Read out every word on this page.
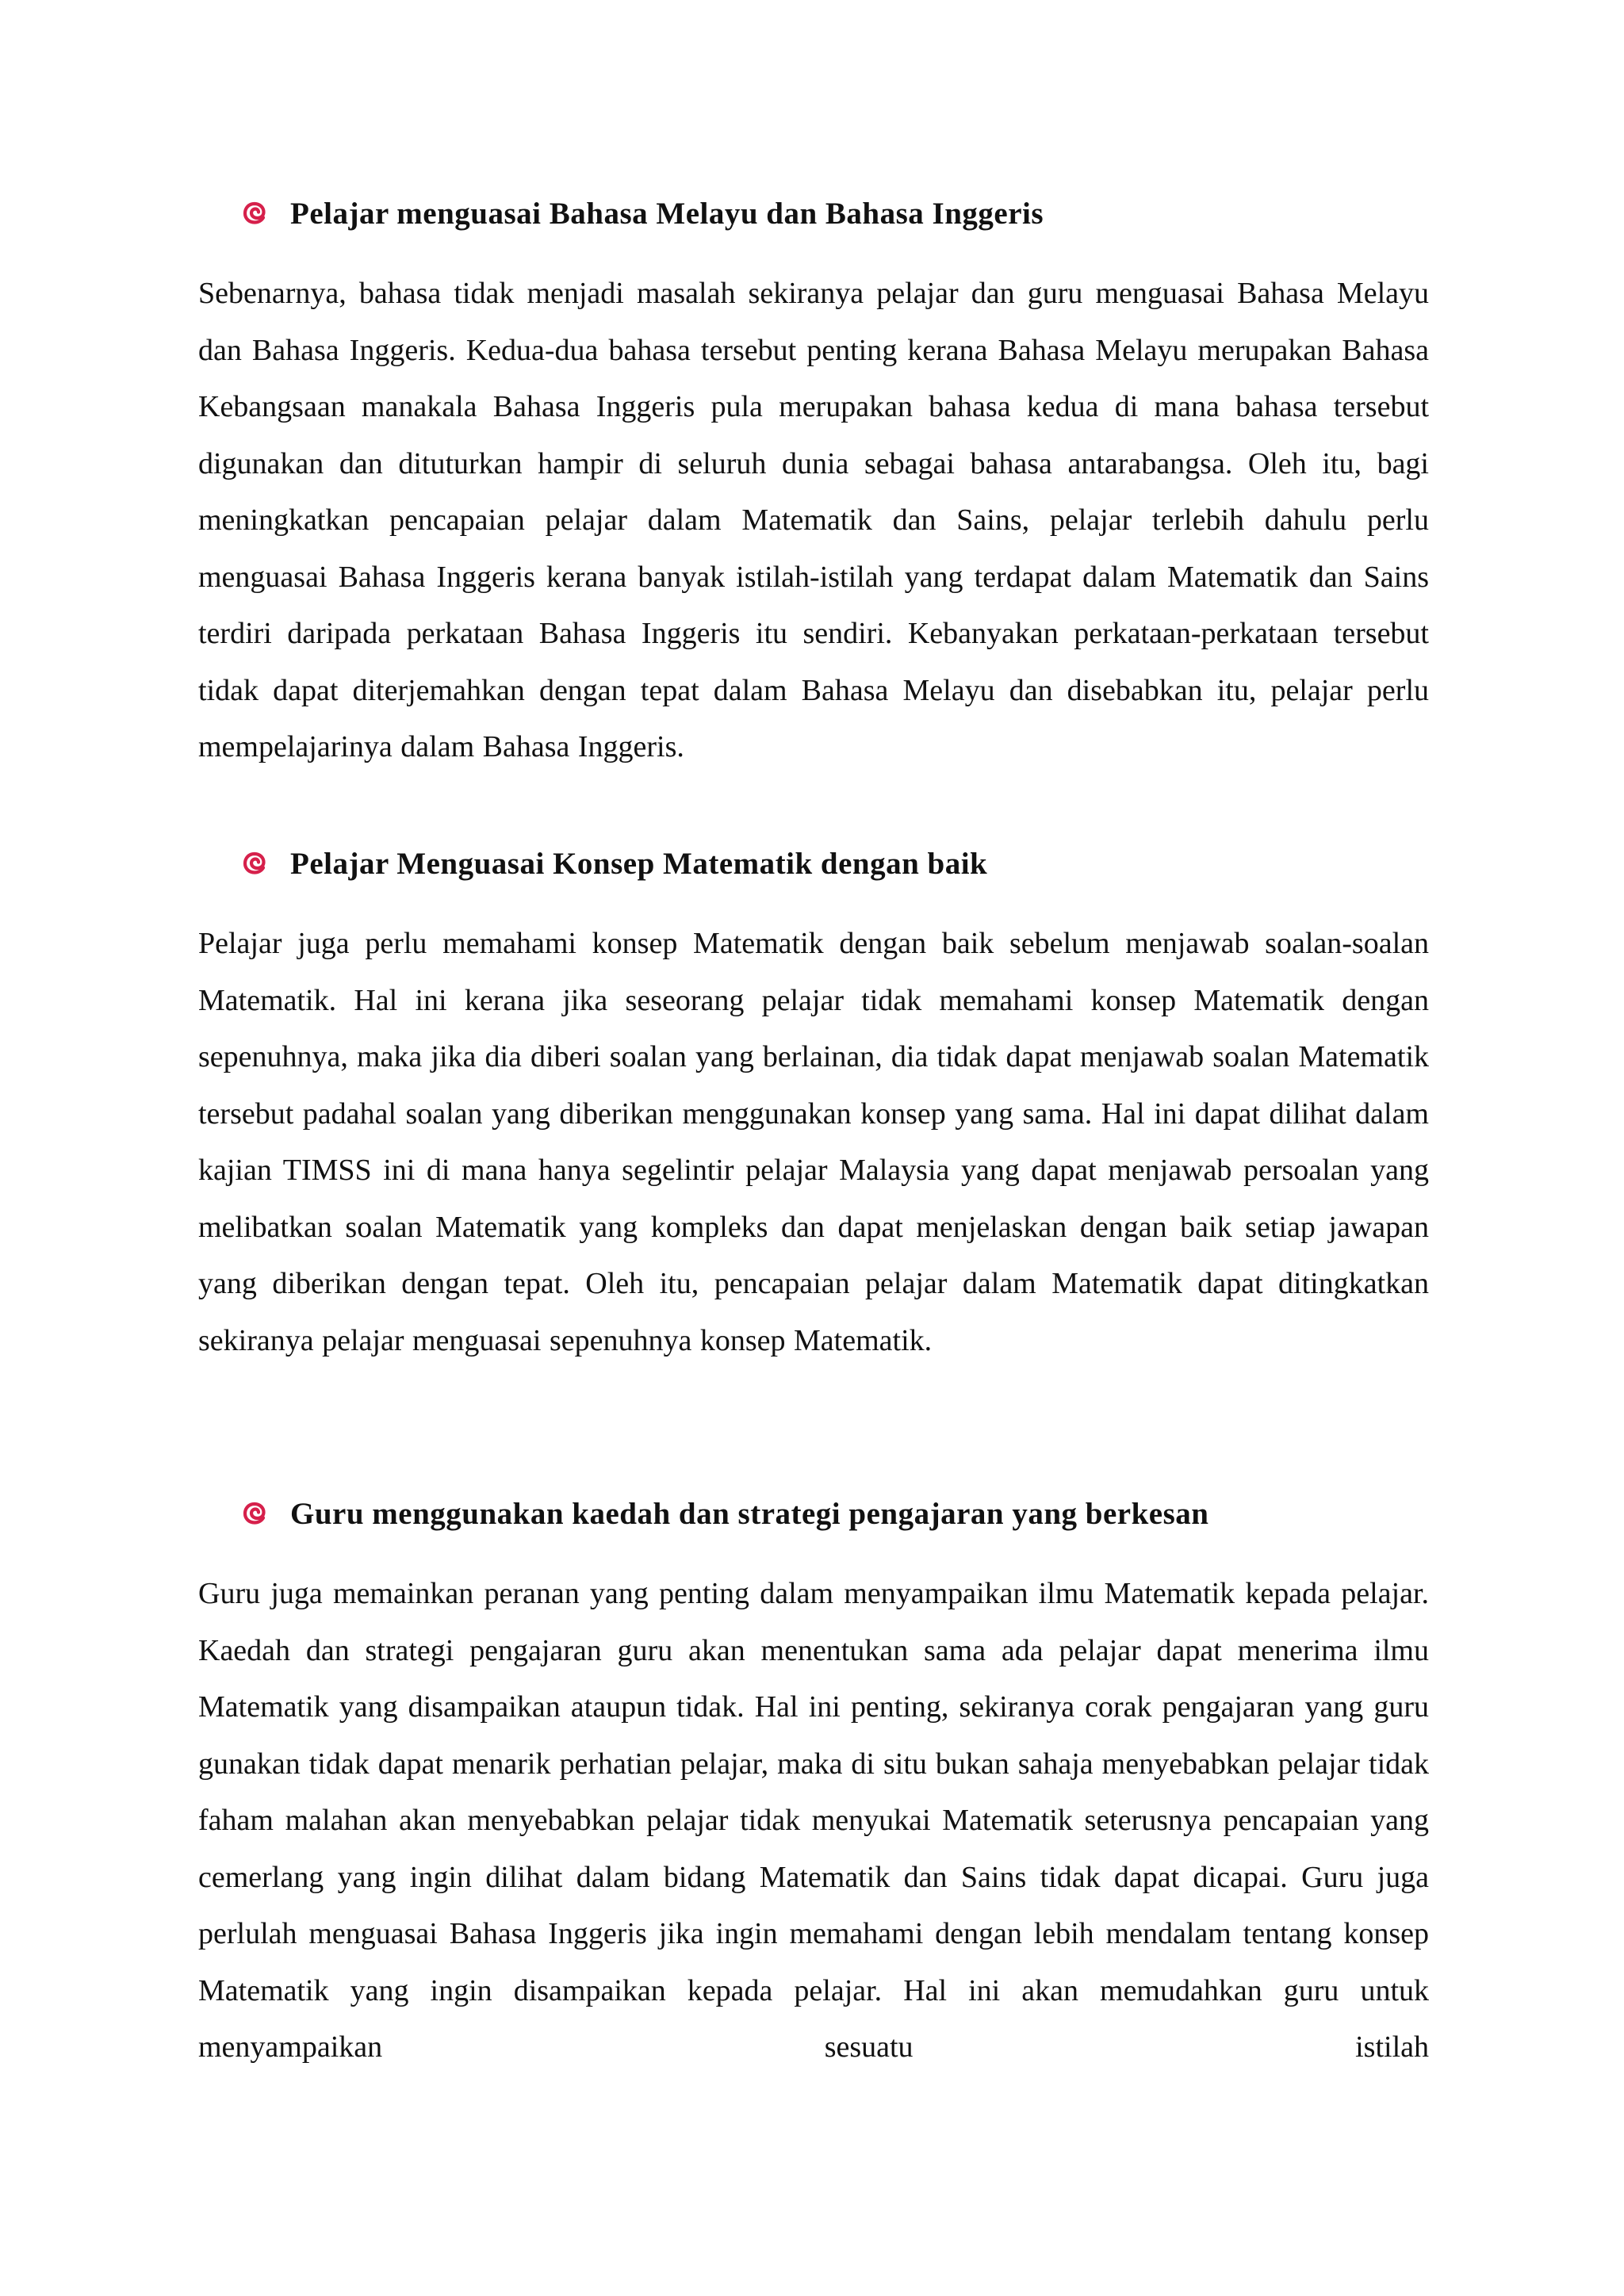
Pelajar menguasai Bahasa Melayu dan Bahasa Inggeris

Sebenarnya, bahasa tidak menjadi masalah sekiranya pelajar dan guru menguasai Bahasa Melayu dan Bahasa Inggeris. Kedua-dua bahasa tersebut penting kerana Bahasa Melayu merupakan Bahasa Kebangsaan manakala Bahasa Inggeris pula merupakan bahasa kedua di mana bahasa tersebut digunakan dan dituturkan hampir di seluruh dunia sebagai bahasa antarabangsa. Oleh itu, bagi meningkatkan pencapaian pelajar dalam Matematik dan Sains, pelajar terlebih dahulu perlu menguasai Bahasa Inggeris kerana banyak istilah-istilah yang terdapat dalam Matematik dan Sains terdiri daripada perkataan Bahasa Inggeris itu sendiri. Kebanyakan perkataan-perkataan tersebut tidak dapat diterjemahkan dengan tepat dalam Bahasa Melayu dan disebabkan itu, pelajar perlu mempelajarinya dalam Bahasa Inggeris.

Pelajar Menguasai Konsep Matematik dengan baik

Pelajar juga perlu memahami konsep Matematik dengan baik sebelum menjawab soalan-soalan Matematik. Hal ini kerana jika seseorang pelajar tidak memahami konsep Matematik dengan sepenuhnya, maka jika dia diberi soalan yang berlainan, dia tidak dapat menjawab soalan Matematik tersebut padahal soalan yang diberikan menggunakan konsep yang sama. Hal ini dapat dilihat dalam kajian TIMSS ini di mana hanya segelintir pelajar Malaysia yang dapat menjawab persoalan yang melibatkan soalan Matematik yang kompleks dan dapat menjelaskan dengan baik setiap jawapan yang diberikan dengan tepat. Oleh itu, pencapaian pelajar dalam Matematik dapat ditingkatkan sekiranya pelajar menguasai sepenuhnya konsep Matematik.

Guru menggunakan kaedah dan strategi pengajaran yang berkesan

Guru juga memainkan peranan yang penting dalam menyampaikan ilmu Matematik kepada pelajar. Kaedah dan strategi pengajaran guru akan menentukan sama ada pelajar dapat menerima ilmu Matematik yang disampaikan ataupun tidak. Hal ini penting, sekiranya corak pengajaran yang guru gunakan tidak dapat menarik perhatian pelajar, maka di situ bukan sahaja menyebabkan pelajar tidak faham malahan akan menyebabkan pelajar tidak menyukai Matematik seterusnya pencapaian yang cemerlang yang ingin dilihat dalam bidang Matematik dan Sains tidak dapat dicapai. Guru juga perlulah menguasai Bahasa Inggeris jika ingin memahami dengan lebih mendalam tentang konsep Matematik yang ingin disampaikan kepada pelajar. Hal ini akan memudahkan guru untuk menyampaikan sesuatu istilah
